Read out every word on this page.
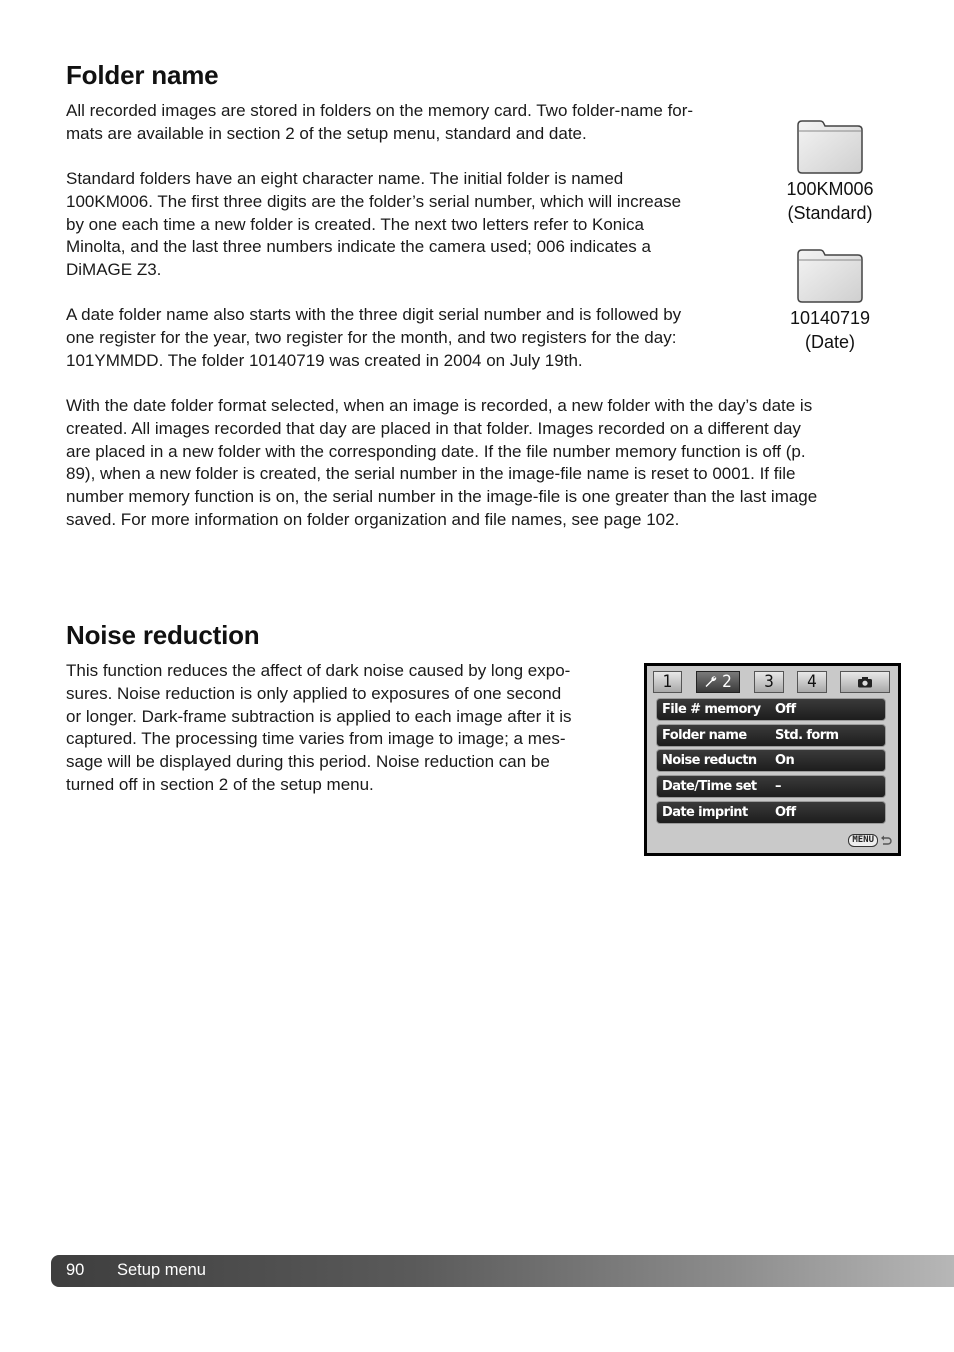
Folder name

All recorded images are stored in folders on the memory card. Two folder-name for-
mats are available in section 2 of the setup menu, standard and date.

Standard folders have an eight character name. The initial folder is named
100KM006. The first three digits are the folder’s serial number, which will increase
by one each time a new folder is created. The next two letters refer to Konica
Minolta, and the last three numbers indicate the camera used; 006 indicates a
DiMAGE Z3.

A date folder name also starts with the three digit serial number and is followed by
one register for the year, two register for the month, and two registers for the day:
101YMMDD. The folder 10140719 was created in 2004 on July 19th.

With the date folder format selected, when an image is recorded, a new folder with the day’s date is
created. All images recorded that day are placed in that folder. Images recorded on a different day
are placed in a new folder with the corresponding date. If the file number memory function is off (p.
89), when a new folder is created, the serial number in the image-file name is reset to 0001. If file
number memory function is on, the serial number in the image-file is one greater than the last image
saved. For more information on folder organization and file names, see page 102.

100KM006
(Standard)
10140719
(Date)
Noise reduction

This function reduces the affect of dark noise caused by long expo-
sures. Noise reduction is only applied to exposures of one second
or longer. Dark-frame subtraction is applied to each image after it is
captured. The processing time varies from image to image; a mes-
sage will be displayed during this period. Noise reduction can be
turned off in section 2 of the setup menu.

1	2	3	4
File # memory Off
Folder name Std. form
Noise reductn On
Date/Time set –
Date imprint Off
MENU
90 Setup menu
